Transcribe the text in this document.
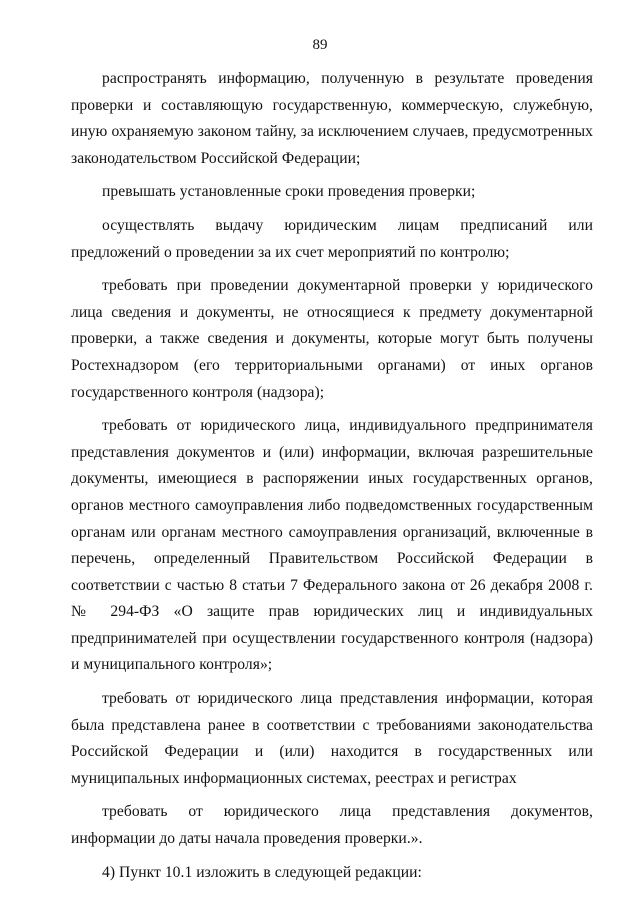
89

распространять информацию, полученную в результате проведения проверки и составляющую государственную, коммерческую, служебную, иную охраняемую законом тайну, за исключением случаев, предусмотренных законодательством Российской Федерации;

превышать установленные сроки проведения проверки;

осуществлять выдачу юридическим лицам предписаний или предложений о проведении за их счет мероприятий по контролю;

требовать при проведении документарной проверки у юридического лица сведения и документы, не относящиеся к предмету документарной проверки, а также сведения и документы, которые могут быть получены Ростехнадзором (его территориальными органами) от иных органов государственного контроля (надзора);

требовать от юридического лица, индивидуального предпринимателя представления документов и (или) информации, включая разрешительные документы, имеющиеся в распоряжении иных государственных органов, органов местного самоуправления либо подведомственных государственным органам или органам местного самоуправления организаций, включенные в перечень, определенный Правительством Российской Федерации в соответствии с частью 8 статьи 7 Федерального закона от 26 декабря 2008 г. № 294-ФЗ «О защите прав юридических лиц и индивидуальных предпринимателей при осуществлении государственного контроля (надзора) и муниципального контроля»;

требовать от юридического лица представления информации, которая была представлена ранее в соответствии с требованиями законодательства Российской Федерации и (или) находится в государственных или муниципальных информационных системах, реестрах и регистрах

требовать от юридического лица представления документов, информации до даты начала проведения проверки.».

4) Пункт 10.1 изложить в следующей редакции:
